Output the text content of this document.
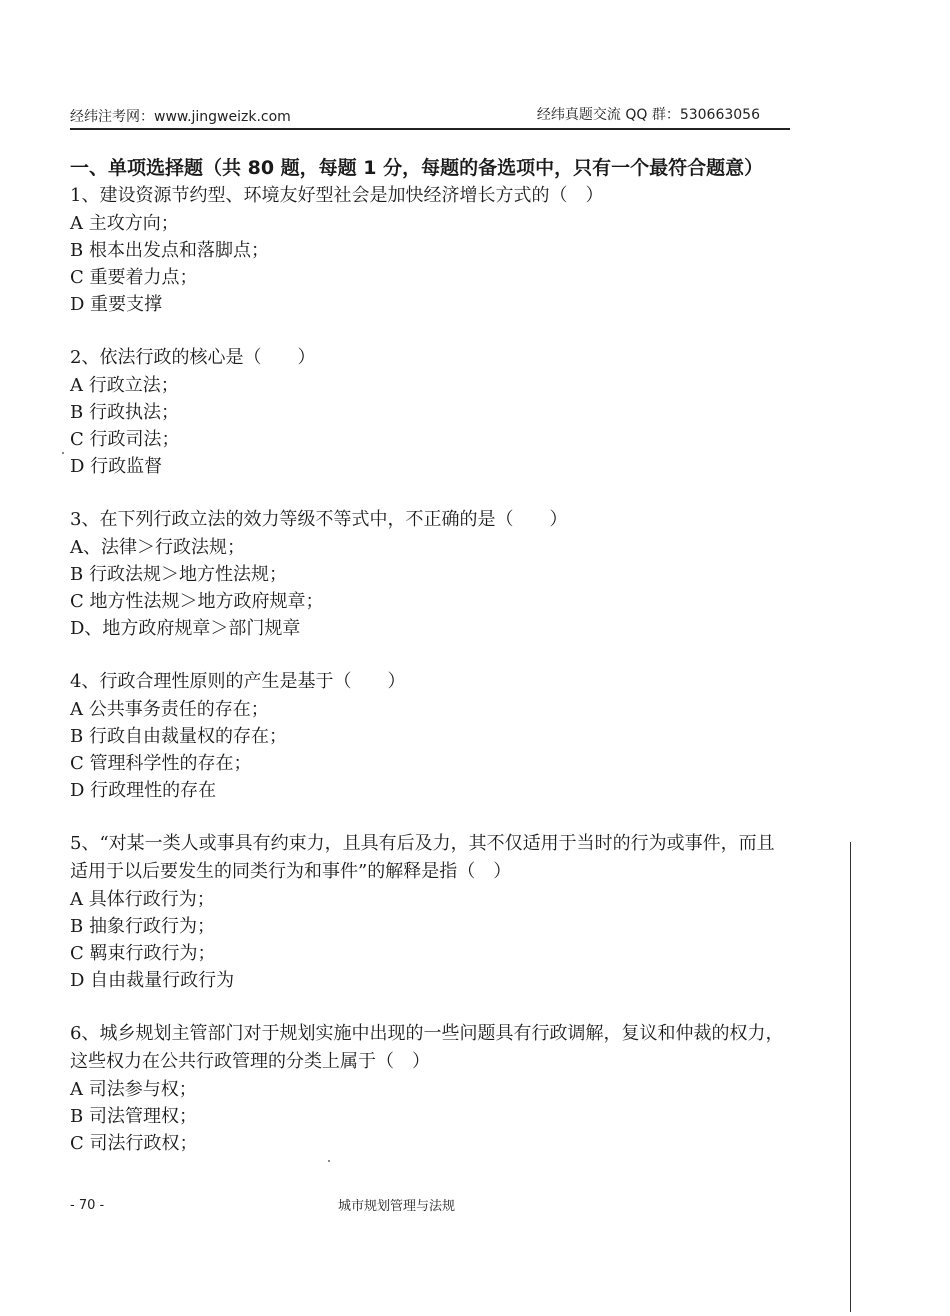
经纬注考网：www.jingweizk.com	经纬真题交流 QQ 群：530663056

一、单项选择题（共 80 题，每题 1 分，每题的备选项中，只有一个最符合题意）

1、建设资源节约型、环境友好型社会是加快经济增长方式的（　）

A 主攻方向；

B 根本出发点和落脚点；

C 重要着力点；

D 重要支撑

2、依法行政的核心是（　　）

A 行政立法；

B 行政执法；

C 行政司法；

D 行政监督

3、在下列行政立法的效力等级不等式中，不正确的是（　　）

A、法律＞行政法规；

B 行政法规＞地方性法规；

C 地方性法规＞地方政府规章；

D、地方政府规章＞部门规章

4、行政合理性原则的产生是基于（　　）

A 公共事务责任的存在；

B 行政自由裁量权的存在；

C 管理科学性的存在；

D 行政理性的存在

5、“对某一类人或事具有约束力，且具有后及力，其不仅适用于当时的行为或事件，而且适用于以后要发生的同类行为和事件”的解释是指（　）

A 具体行政行为；

B 抽象行政行为；

C 羁束行政行为；

D 自由裁量行政行为

6、城乡规划主管部门对于规划实施中出现的一些问题具有行政调解，复议和仲裁的权力，这些权力在公共行政管理的分类上属于（　）

A 司法参与权；

B 司法管理权；

C 司法行政权；

- 70 -	城市规划管理与法规
